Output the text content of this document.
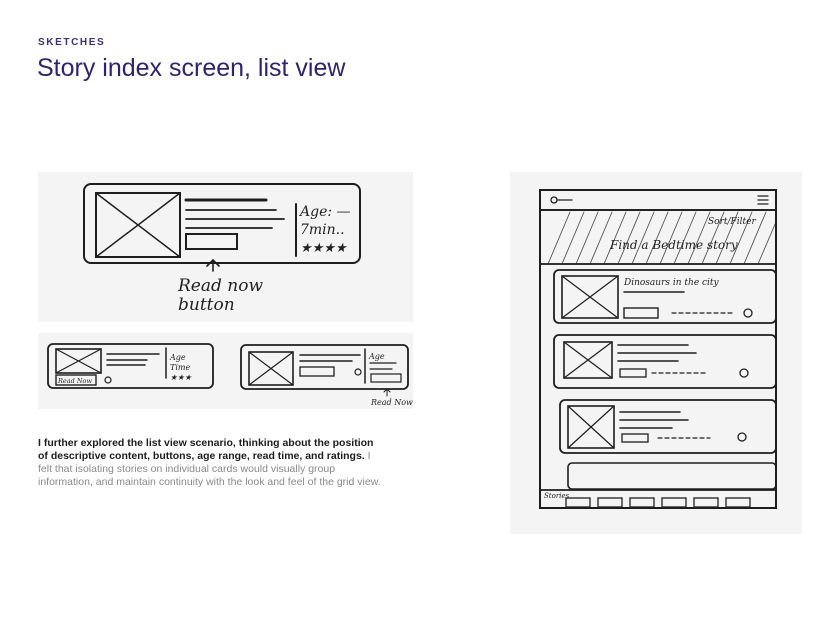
SKETCHES
Story index screen, list view
Age: —
7min..
★★★★
Read now
button
Age
Time
★★★
Read Now
Age
Read Now
Sort/Filter
Find a Bedtime story
Dinosaurs in the city
Stories

I further explored the list view scenario, thinking about the position of descriptive content, buttons, age range, read time, and ratings. I felt that isolating stories on individual cards would visually group information, and maintain continuity with the look and feel of the grid view.
